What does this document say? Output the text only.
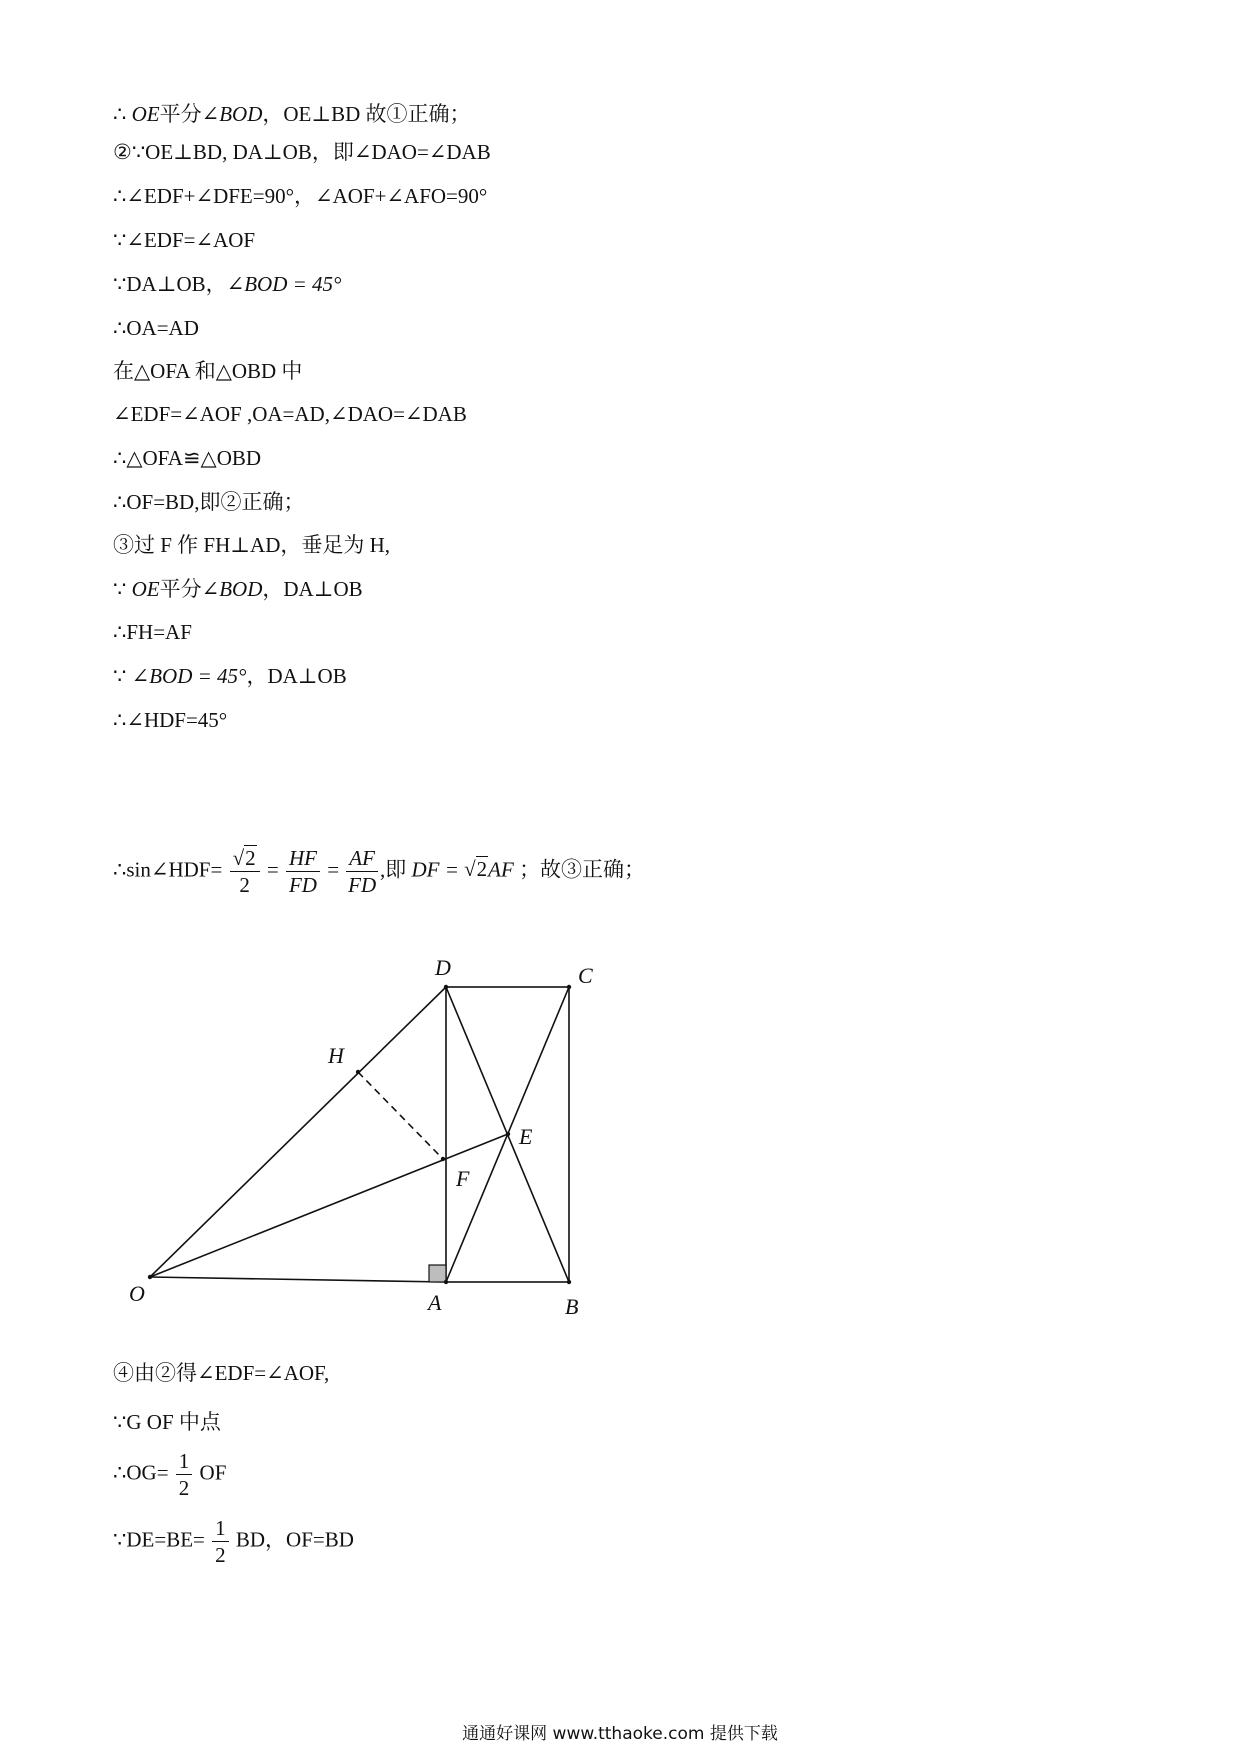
∴ OE平分∠BOD，OE⊥BD 故①正确；
②∵OE⊥BD, DA⊥OB，即∠DAO=∠DAB
∴∠EDF+∠DFE=90°，∠AOF+∠AFO=90°
∵∠EDF=∠AOF
∵DA⊥OB，∠BOD = 45°
∴OA=AD
在△OFA 和△OBD 中
∠EDF=∠AOF ,OA=AD,∠DAO=∠DAB
∴△OFA≌△OBD
∴OF=BD,即②正确；
③过 F 作 FH⊥AD，垂足为 H,
∵ OE平分∠BOD，DA⊥OB
∴FH=AF
∵ ∠BOD = 45°，DA⊥OB
∴∠HDF=45°
∴sin∠HDF= $\frac{√2}{2} = \frac{HF}{FD} = \frac{AF}{FD}$ ,即 DF = √2AF ；故③正确；
D	C
H
E
F
O	A	B
④由②得∠EDF=∠AOF,
∵G OF 中点
∴OG= $\frac{1}{2}$ OF
∵DE=BE= $\frac{1}{2}$ BD，OF=BD
通通好课网 www.tthaoke.com 提供下载
